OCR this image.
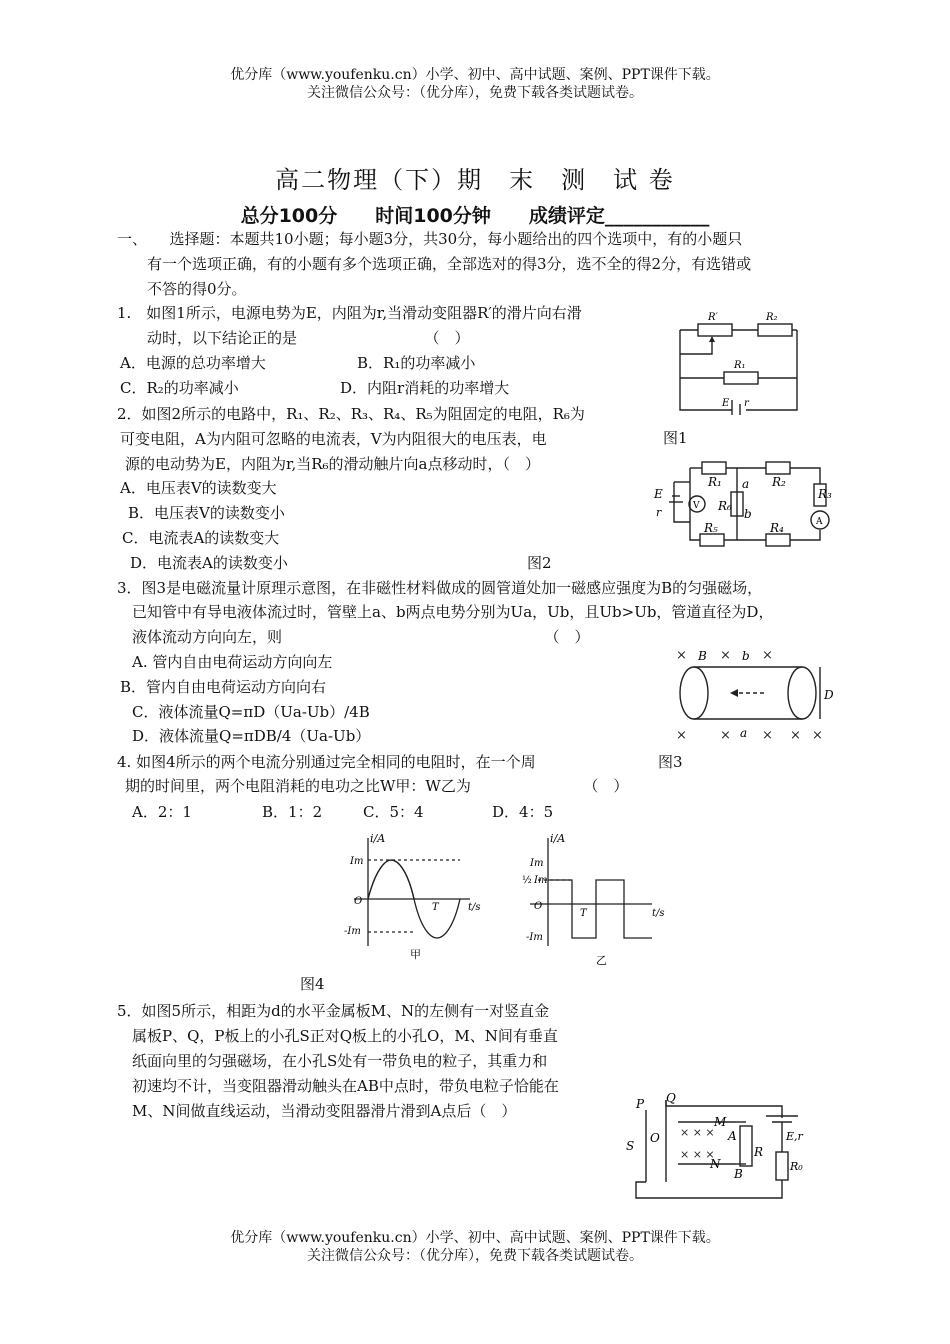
优分库（www.youfenku.cn）小学、初中、高中试题、案例、PPT课件下载。
关注微信公众号：（优分库），免费下载各类试题试卷。
高二物理（下）期　末　测　试 卷
总分100分　　时间100分钟　　成绩评定___________
一、　　选择题：本题共10小题；每小题3分，共30分，每小题给出的四个选项中，有的小题只
有一个选项正确，有的小题有多个选项正确，全部选对的得3分，选不全的得2分，有选错或
不答的得0分。
1.　如图1所示，电源电势为E，内阻为r,当滑动变阻器R′的滑片向右滑
动时，以下结论正的是　　　　　　　　　（　）
A．电源的总功率增大	B．R₁的功率减小
C．R₂的功率减小	D．内阻r消耗的功率增大
图1
R′	R₂
R₁
E r
2．如图2所示的电路中，R₁、R₂、R₃、R₄、R₅为阻固定的电阻，R₆为
可变电阻，A为内阻可忽略的电流表，V为内阻很大的电压表，电
源的电动势为E，内阻为r,当R₆的滑动触片向a点移动时，（　）
A．电压表V的读数变大
B．电压表V的读数变小
C．电流表A的读数变大
D．电流表A的读数变小	图2
V
A
E
r
R₁	R₂
R₃
R₄
R₅
R₆
a
b
3．图3是电磁流量计原理示意图，在非磁性材料做成的圆管道处加一磁感应强度为B的匀强磁场，
已知管中有导电液体流过时，管壁上a、b两点电势分别为Ua，Ub，且Ub>Ub，管道直径为D，
液体流动方向向左，则　　　　　　　　　　　　　　　　　　（　）
A. 管内自由电荷运动方向向左
B．管内自由电荷运动方向向右
C．液体流量Q=πD（Ua-Ub）/4B
D．液体流量Q=πDB/4（Ua-Ub）
图3
×	× ×
×	× × × ×
B	b
a
D
4. 如图4所示的两个电流分别通过完全相同的电阻时，在一个周
期的时间里，两个电阻消耗的电功之比W甲：W乙为　　　　　　　　（　）
A．2：1	B．1：2	C．5：4	D．4：5
i/A
Im
O
-Im
T	t/s
甲
i/A
Im
½ Im
O
-Im
T	t/s
乙
图4
5．如图5所示，相距为d的水平金属板M、N的左侧有一对竖直金
属板P、Q，P板上的小孔S正对Q板上的小孔O，M、N间有垂直
纸面向里的匀强磁场，在小孔S处有一带负电的粒子，其重力和
初速均不计，当变阻器滑动触头在AB中点时，带负电粒子恰能在
M、N间做直线运动，当滑动变阻器滑片滑到A点后（　）
× × ×
× × ×
P Q
S
O
M
N
A
B
R
E,r
R₀
优分库（www.youfenku.cn）小学、初中、高中试题、案例、PPT课件下载。
关注微信公众号：（优分库），免费下载各类试题试卷。
